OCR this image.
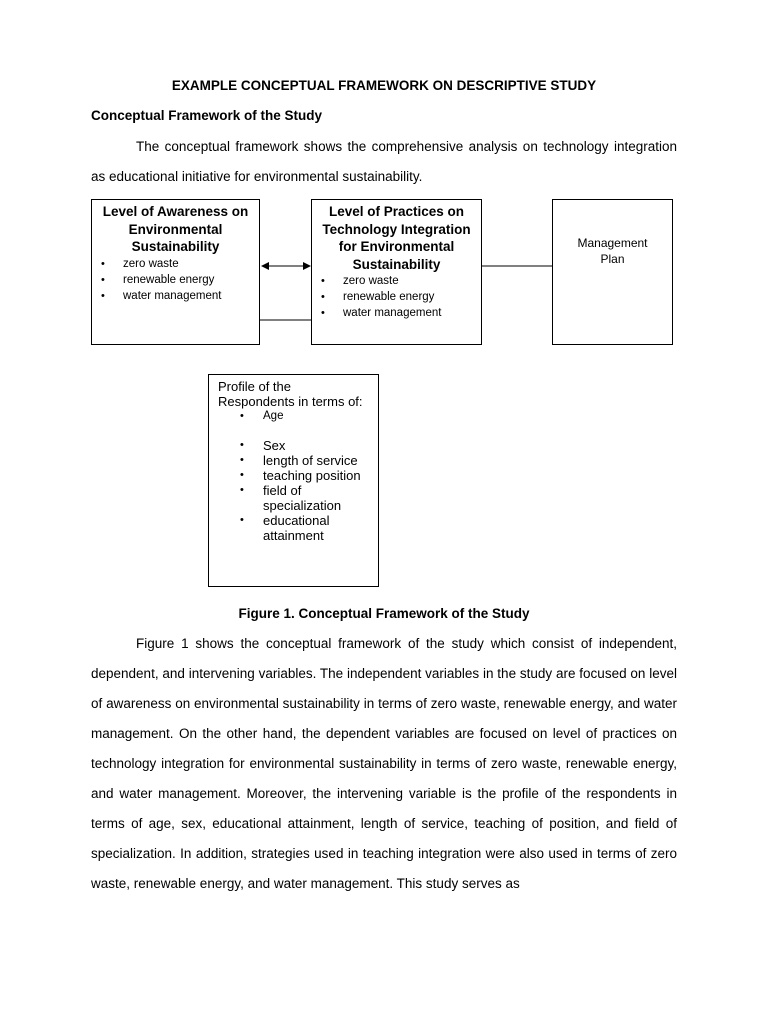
EXAMPLE CONCEPTUAL FRAMEWORK ON DESCRIPTIVE STUDY
Conceptual Framework of the Study
The conceptual framework shows the comprehensive analysis on technology integration as educational initiative for environmental sustainability.
Level of Awareness on Environmental Sustainability
• zero waste
• renewable energy
• water management
Level of Practices on Technology Integration for Environmental Sustainability
• zero waste
• renewable energy
• water management
Management Plan
Profile of the Respondents in terms of:
• Age
• Sex
• length of service
• teaching position
• field of specialization
• educational attainment
Figure 1. Conceptual Framework of the Study
Figure 1 shows the conceptual framework of the study which consist of independent, dependent, and intervening variables. The independent variables in the study are focused on level of awareness on environmental sustainability in terms of zero waste, renewable energy, and water management. On the other hand, the dependent variables are focused on level of practices on technology integration for environmental sustainability in terms of zero waste, renewable energy, and water management. Moreover, the intervening variable is the profile of the respondents in terms of age, sex, educational attainment, length of service, teaching of position, and field of specialization. In addition, strategies used in teaching integration were also used in terms of zero waste, renewable energy, and water management. This study serves as
